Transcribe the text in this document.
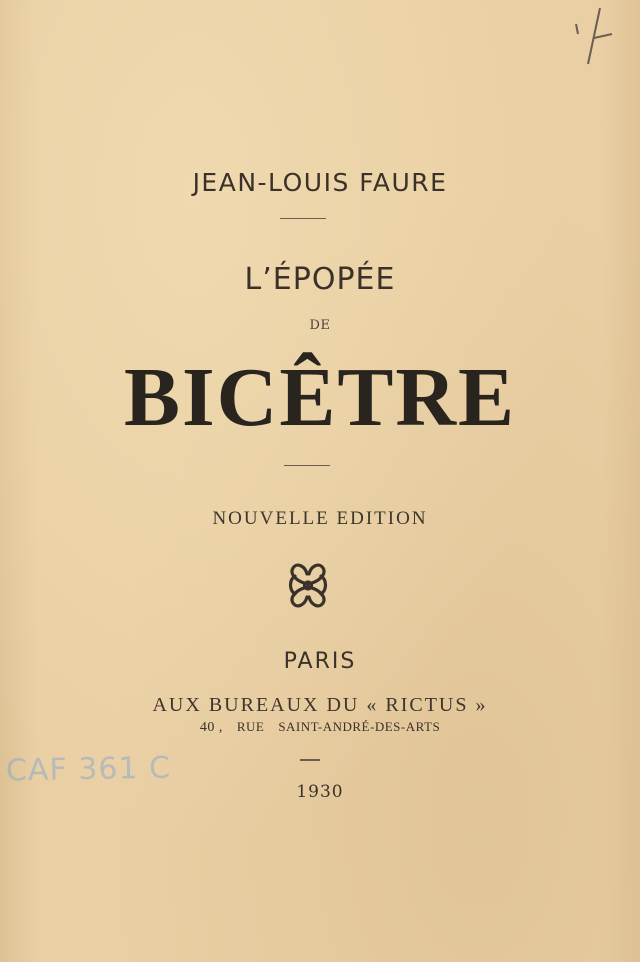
JEAN-LOUIS FAURE
L’ÉPOPÉE
DE
BICÊTRE
NOUVELLE EDITION
PARIS
AUX BUREAUX DU « RICTUS »
40 , RUE SAINT-ANDRÉ-DES-ARTS
1930
CAF 361 C
